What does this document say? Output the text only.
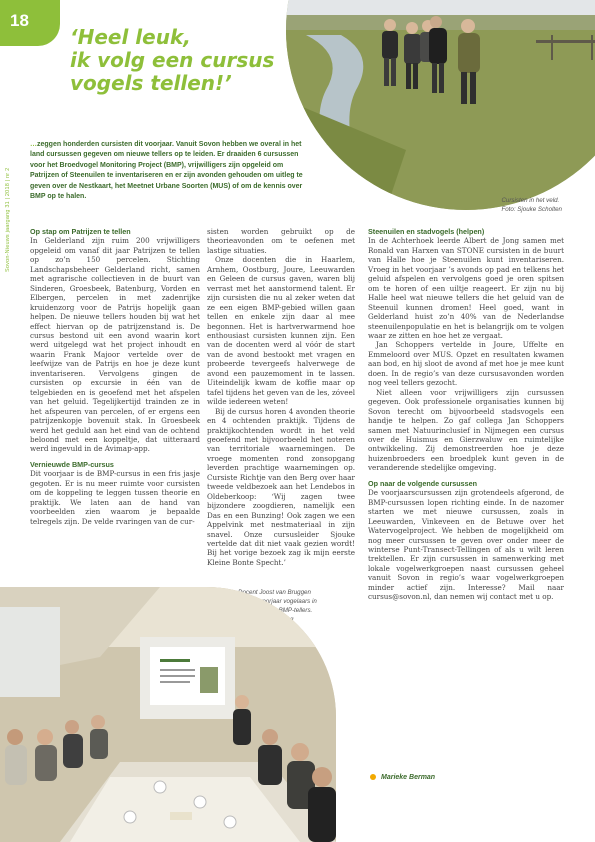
18
Sovon-Nieuws jaargang 31 | 2018 | nr 2
‘Heel leuk,
ik volg een cursus
vogels tellen!’
…zeggen honderden cursisten dit voorjaar. Vanuit Sovon hebben we overal in het land cursussen gegeven om nieuwe tellers op te leiden. Er draaiden 6 cursussen voor het Broedvogel Monitoring Project (BMP), vrijwilligers zijn opgeleid om Patrijzen of Steenuilen te inventariseren en er zijn avonden gehouden om uitleg te geven over de Nestkaart, het Meetnet Urbane Soorten (MUS) of om de kennis over BMP op te halen.
Cursisten in het veld.
Foto: Sjouke Scholten
Op stap om Patrijzen te tellen

In Gelderland zijn ruim 200 vrijwilligers opgeleid om vanaf dit jaar Patrijzen te tellen op zo’n 150 percelen. Stichting Landschapsbeheer Gelderland richt, samen met agrarische collectieven in de buurt van Sinderen, Groesbeek, Batenburg, Vorden en Elbergen, percelen in met zadenrijke kruidenzorg voor de Patrijs hopelijk gaan helpen. De nieuwe tellers houden bij wat het effect hiervan op de patrijzenstand is. De cursus bestond uit een avond waarin kort werd uitgelegd wat het project inhoudt en waarin Frank Majoor vertelde over de leefwijze van de Patrijs en hoe je deze kunt inventariseren. Vervolgens gingen de cursisten op excursie in één van de telgebieden en is geoefend met het afspelen van het geluid. Tegelijkertijd trainden ze in het afspeuren van percelen, of er ergens een patrijzenkopje bovenuit stak. In Groesbeek werd het geduld aan het eind van de ochtend beloond met een koppeltje, dat uitteraard werd ingevuld in de Avimap-app.

Vernieuwde BMP-cursus

Dit voorjaar is de BMP-cursus in een fris jasje gegoten. Er is nu meer ruimte voor cursisten om de koppeling te leggen tussen theorie en praktijk. We laten aan de hand van voorbeelden zien waarom je bepaalde telregels zijn. De velde rvaringen van de cur-

sisten worden gebruikt op de theorieavonden om te oefenen met lastige situaties.

Onze docenten die in Haarlem, Arnhem, Oostburg, Joure, Leeuwarden en Geleen de cursus gaven, waren blij verrast met het aanstormend talent. Er zijn cursisten die nu al zeker weten dat ze een eigen BMP-gebied willen gaan tellen en enkele zijn daar al mee begonnen. Het is hartverwarmend hoe enthousiast cursisten kunnen zijn. Een van de docenten werd al vóór de start van de avond bestookt met vragen en probeerde tevergeefs halverwege de avond een pauzemoment in te lassen. Uiteindelijk kwam de koffie maar op tafel tijdens het geven van de les, zóveel wilde iedereen weten!

Bij de cursus horen 4 avonden theorie en 4 ochtenden praktijk. Tijdens de praktijkochtenden wordt in het veld geoefend met bijvoorbeeld het noteren van territoriale waarnemingen. De vroege momenten rond zonsopgang leverden prachtige waarnemingen op. Cursiste Richtje van den Berg over haar tweede veldbezoek aan het Lendebos in Oldeberkoop: ‘Wij zagen twee bijzondere zoogdieren, namelijk een Das en een Bunzing! Ook zagen we een Appelvink met nestmateriaal in zijn snavel. Onze cursusleider Sjouke vertelde dat dit niet vaak gezien wordt! Bij het vorige bezoek zag ik mijn eerste Kleine Bonte Specht.’

Steenuilen en stadvogels (helpen)

In de Achterhoek leerde Albert de Jong samen met Ronald van Harxen van STONE cursisten in de buurt van Halle hoe je Steenuilen kunt inventariseren. Vroeg in het voorjaar ’s avonds op pad en telkens het geluid afspelen en vervolgens goed je oren spitsen om te horen of een uiltje reageert. Er zijn nu bij Halle heel wat nieuwe tellers die het geluid van de Steenuil kunnen dromen! Heel goed, want in Gelderland huist zo’n 40% van de Nederlandse steenuilenpopulatie en het is belangrijk om te volgen waar ze zitten en hoe het ze vergaat.

Jan Schoppers vertelde in Joure, Uffelte en Emmeloord over MUS. Opzet en resultaten kwamen aan bod, en hij sloot de avond af met hoe je mee kunt doen. In de regio’s van deze cursusavonden worden nog veel tellers gezocht.

Niet alleen voor vrijwilligers zijn cursussen gegeven. Ook professionele organisaties kunnen bij Sovon terecht om bijvoorbeeld stadsvogels een handje te helpen. Zo gaf collega Jan Schoppers samen met Natuurinclusief in Nijmegen een cursus over de Huismus en Gierzwaluw en ruimtelijke ontwikkeling. Zij demonstreerden hoe je deze huizenbroeders een broedplek kunt geven in de veranderende stedelijke omgeving.

Op naar de volgende cursussen

De voorjaarscursussen zijn grotendeels afgerond, de BMP-cursussen lopen richting einde. In de nazomer starten we met nieuwe cursussen, zoals in Leeuwarden, Vinkeveen en de Betuwe over het Watervogelproject. We hebben de mogelijkheid om nog meer cursussen te geven over onder meer de winterse Punt-Transect-Tellingen of als u wilt leren trektellen. Er zijn cursussen in samenwerking met lokale vogelwerkgroepen naast cursussen geheel vanuit Sovon in regio’s waar vogelwerkgroepen minder actief zijn. Interesse? Mail naar cursus@sovon.nl, dan nemen wij contact met u op.

Marieke Berman
